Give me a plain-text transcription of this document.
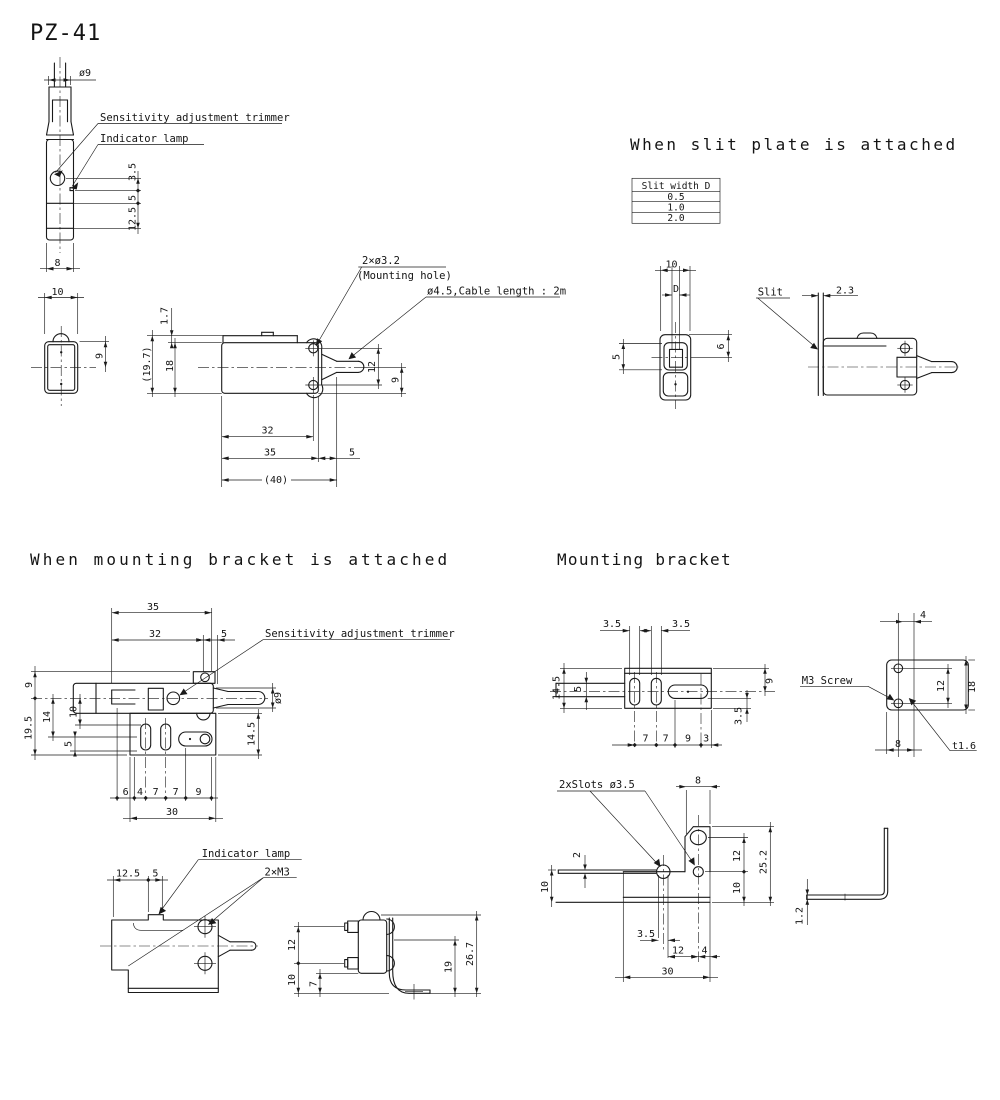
PZ-41
ø9
3.5
5
12.5
8
Sensitivity adjustment trimmer
Indicator lamp
10
9
1.7
(19.7) 18	12
9
32
35	5
(40)
2×ø3.2
(Mounting hole)
ø4.5,Cable length : 2m
When slit plate is attached
Slit width D
0.5
1.0
2.0
10
D
5
6
2.3
Slit
When mounting bracket is attached
35
32	5	Sensitivity adjustment trimmer
9
19.5 14 10
5
ø9
14.5
6 4 7 7 9
30
Indicator lamp
2×M3
12.5 5
12
10 7
19
26.7
Mounting bracket
3.5	3.5
14.5 5
9
3.5
7 7 9 3
4
M3 Screw	12 18
8	t1.6
2xSlots ø3.5	8
2
10
3.5
12 4
30
12
10
25.2
1.2
